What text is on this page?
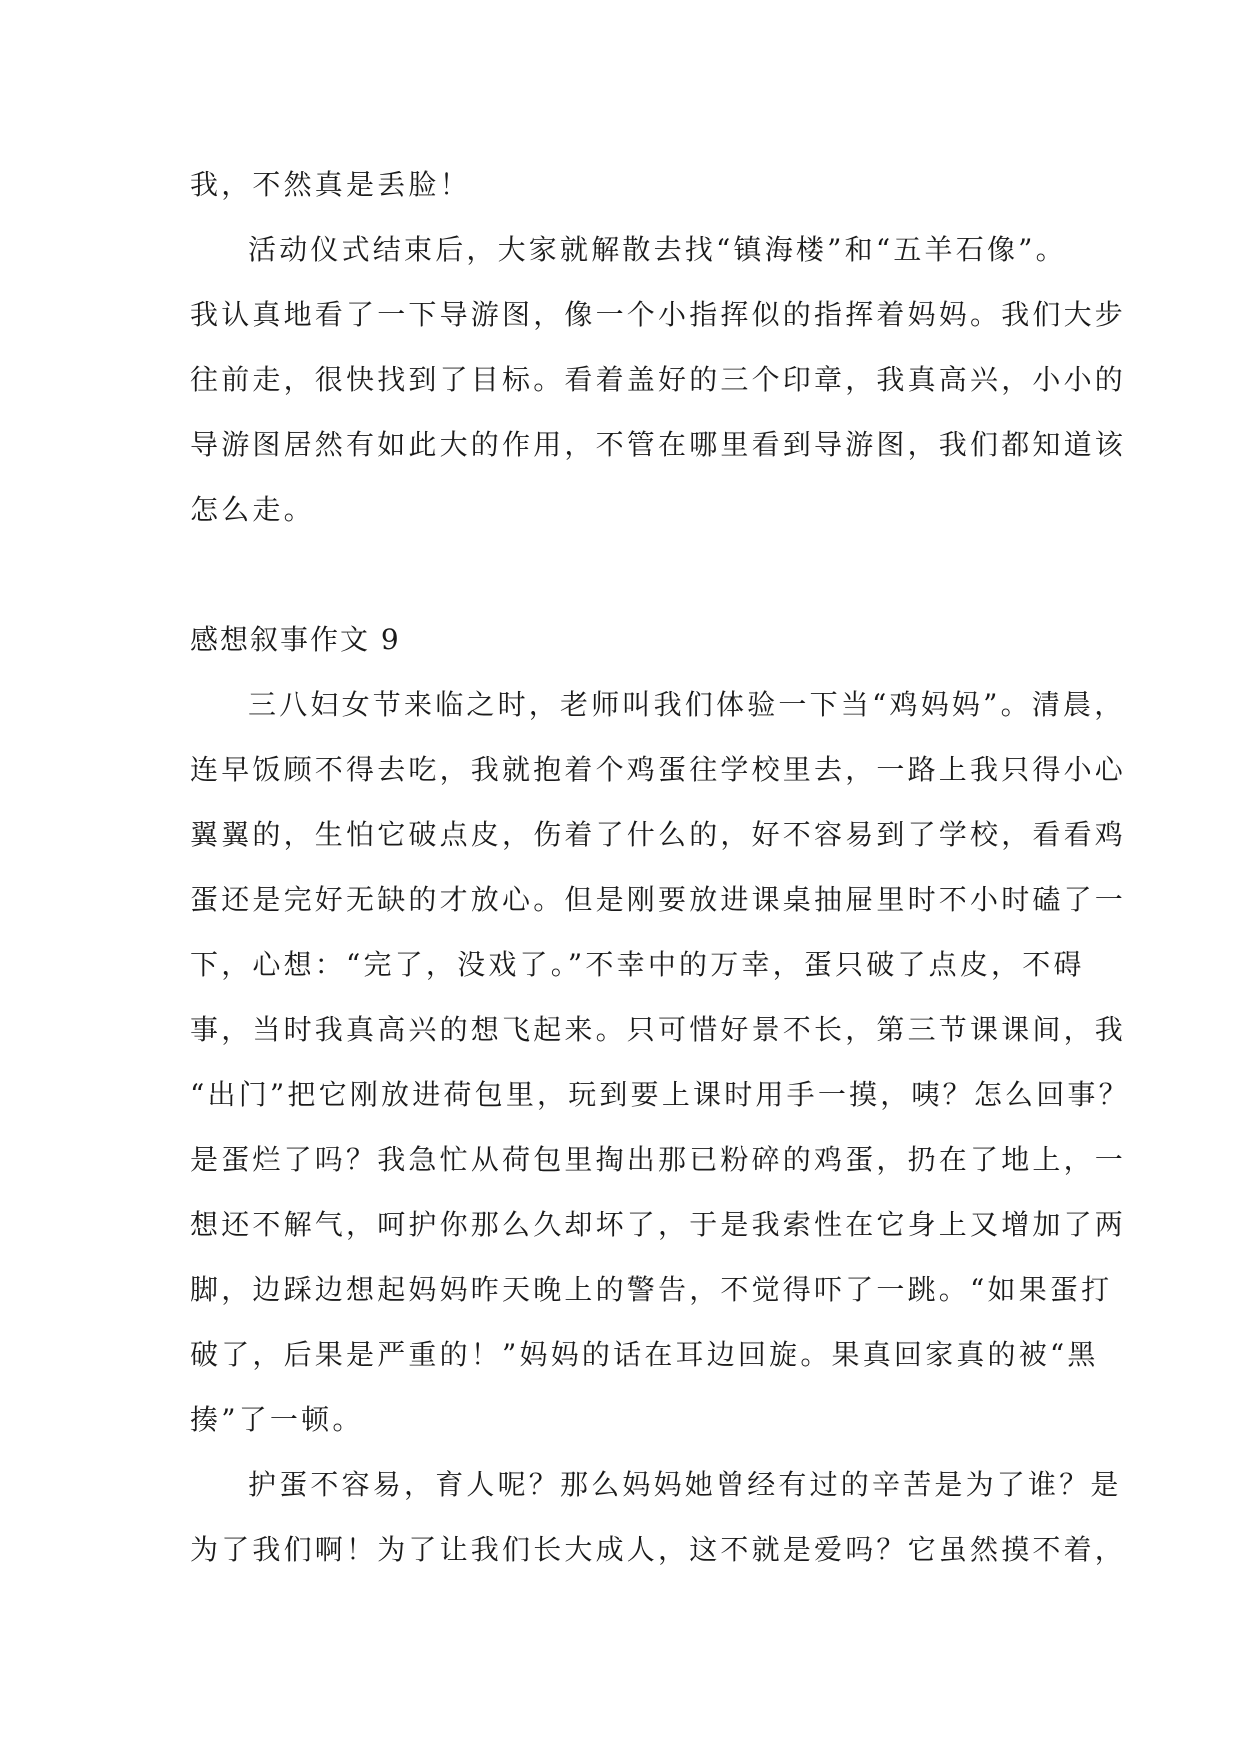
我，不然真是丢脸！

活动仪式结束后，大家就解散去找“镇海楼”和“五羊石像”。

我认真地看了一下导游图，像一个小指挥似的指挥着妈妈。我们大步

往前走，很快找到了目标。看着盖好的三个印章，我真高兴，小小的

导游图居然有如此大的作用，不管在哪里看到导游图，我们都知道该

怎么走。

感想叙事作文 9

三八妇女节来临之时，老师叫我们体验一下当“鸡妈妈”。清晨，

连早饭顾不得去吃，我就抱着个鸡蛋往学校里去，一路上我只得小心

翼翼的，生怕它破点皮，伤着了什么的，好不容易到了学校，看看鸡

蛋还是完好无缺的才放心。但是刚要放进课桌抽屉里时不小时磕了一

下，心想：“完了，没戏了。”不幸中的万幸，蛋只破了点皮，不碍

事，当时我真高兴的想飞起来。只可惜好景不长，第三节课课间，我

“出门”把它刚放进荷包里，玩到要上课时用手一摸，咦？怎么回事？

是蛋烂了吗？我急忙从荷包里掏出那已粉碎的鸡蛋，扔在了地上，一

想还不解气，呵护你那么久却坏了，于是我索性在它身上又增加了两

脚，边踩边想起妈妈昨天晚上的警告，不觉得吓了一跳。“如果蛋打

破了，后果是严重的！”妈妈的话在耳边回旋。果真回家真的被“黑

揍”了一顿。

护蛋不容易，育人呢？那么妈妈她曾经有过的辛苦是为了谁？是

为了我们啊！为了让我们长大成人，这不就是爱吗？它虽然摸不着，
